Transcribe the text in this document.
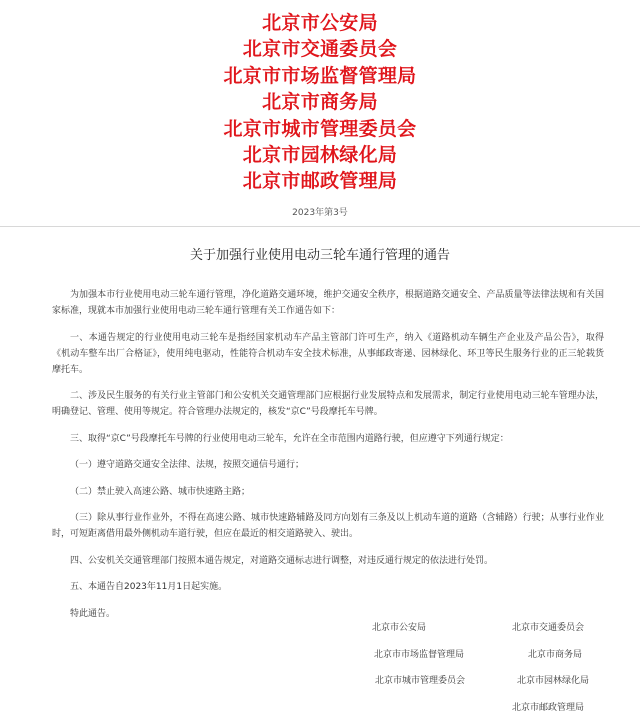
北京市公安局
北京市交通委员会
北京市市场监督管理局
北京市商务局
北京市城市管理委员会
北京市园林绿化局
北京市邮政管理局
2023年第3号
关于加强行业使用电动三轮车通行管理的通告

为加强本市行业使用电动三轮车通行管理，净化道路交通环境，维护交通安全秩序，根据道路交通安全、产品质量等法律法规和有关国家标准，现就本市加强行业使用电动三轮车通行管理有关工作通告如下：

一、本通告规定的行业使用电动三轮车是指经国家机动车产品主管部门许可生产，纳入《道路机动车辆生产企业及产品公告》，取得《机动车整车出厂合格证》，使用纯电驱动，性能符合机动车安全技术标准，从事邮政寄递、园林绿化、环卫等民生服务行业的正三轮载货摩托车。

二、涉及民生服务的有关行业主管部门和公安机关交通管理部门应根据行业发展特点和发展需求，制定行业使用电动三轮车管理办法，明确登记、管理、使用等规定。符合管理办法规定的，核发“京C”号段摩托车号牌。

三、取得“京C”号段摩托车号牌的行业使用电动三轮车，允许在全市范围内道路行驶，但应遵守下列通行规定：

（一）遵守道路交通安全法律、法规，按照交通信号通行；

（二）禁止驶入高速公路、城市快速路主路；

（三）除从事行业作业外，不得在高速公路、城市快速路辅路及同方向划有三条及以上机动车道的道路（含辅路）行驶；从事行业作业时，可短距离借用最外侧机动车道行驶，但应在最近的相交道路驶入、驶出。

四、公安机关交通管理部门按照本通告规定，对道路交通标志进行调整，对违反通行规定的依法进行处罚。

五、本通告自2023年11月1日起实施。

特此通告。

北京市公安局	北京市交通委员会
北京市市场监督管理局	北京市商务局
北京市城市管理委员会	北京市园林绿化局
北京市邮政管理局
